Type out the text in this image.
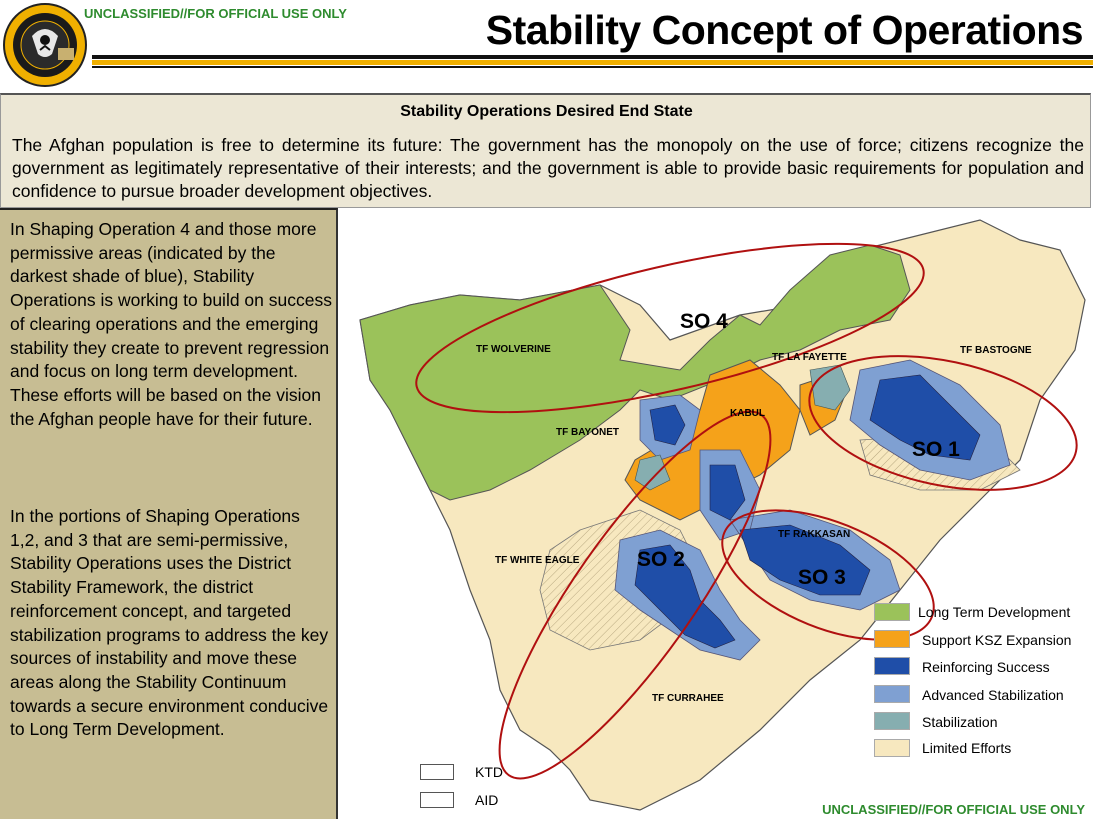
UNCLASSIFIED//FOR OFFICIAL USE ONLY	Stability Concept of Operations
Stability Operations Desired End State
The Afghan population is free to determine its future: The government has the monopoly on the use of force; citizens recognize the government as legitimately representative of their interests; and the government is able to provide basic requirements for population and confidence to pursue broader development objectives.
In Shaping Operation 4 and those more permissive areas (indicated by the darkest shade of blue), Stability Operations is working to build on success of clearing operations and the emerging stability they create to prevent regression and focus on long term development. These efforts will be based on the vision the Afghan people have for their future.
In the portions of Shaping Operations 1,2, and 3 that are semi-permissive, Stability Operations uses the District Stability Framework, the district reinforcement concept, and targeted stabilization programs to address the key sources of instability and move these areas along the Stability Continuum towards a secure environment conducive to Long Term Development.
TF WOLVERINE
TF LA FAYETTE
TF BASTOGNE
KABUL
TF BAYONET
TF WHITE EAGLE
TF RAKKASAN
TF CURRAHEE
SO 4
SO 1
SO 2
SO 3
Long Term Development
Support KSZ Expansion
Reinforcing Success
Advanced Stabilization
Stabilization
Limited Efforts
KTD
AID
UNCLASSIFIED//FOR OFFICIAL USE ONLY
